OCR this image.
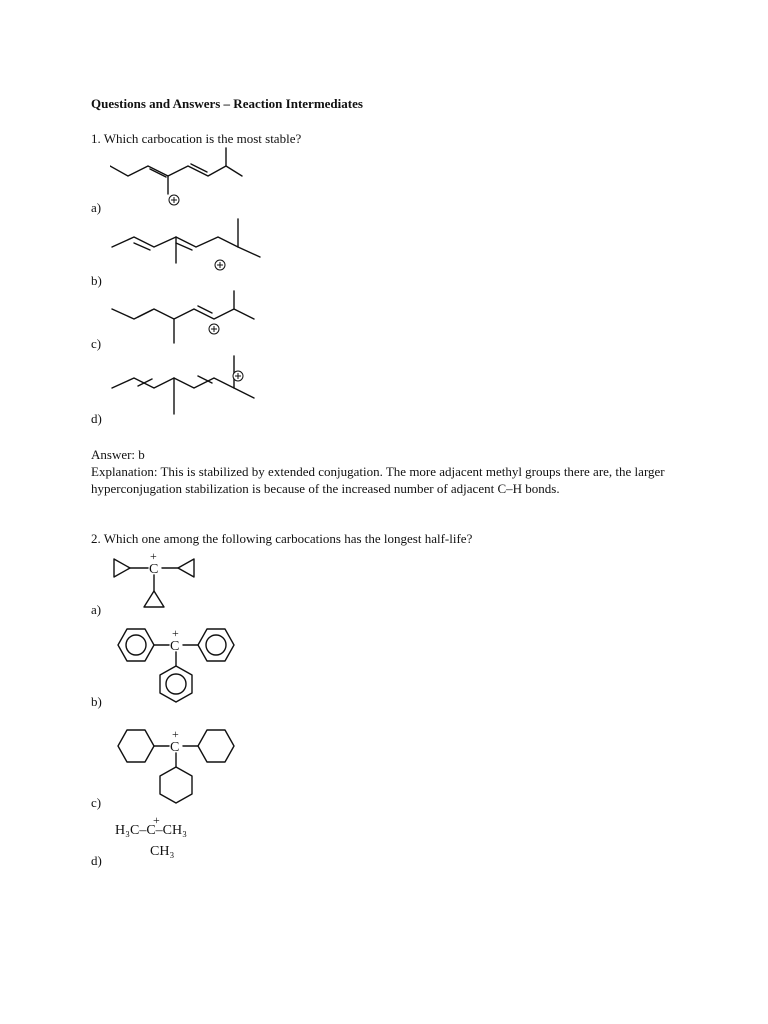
Questions and Answers – Reaction Intermediates
1. Which carbocation is the most stable?
a)
b)
c)
d)
Answer: b
Explanation: This is stabilized by extended conjugation. The more adjacent methyl groups there are, the larger hyperconjugation stabilization is because of the increased number of adjacent C–H bonds.
2. Which one among the following carbocations has the longest half-life?
C
+
a)
C
+
b)
C
+
c)
+
H₃C–C–CH₃
CH₃
d)
